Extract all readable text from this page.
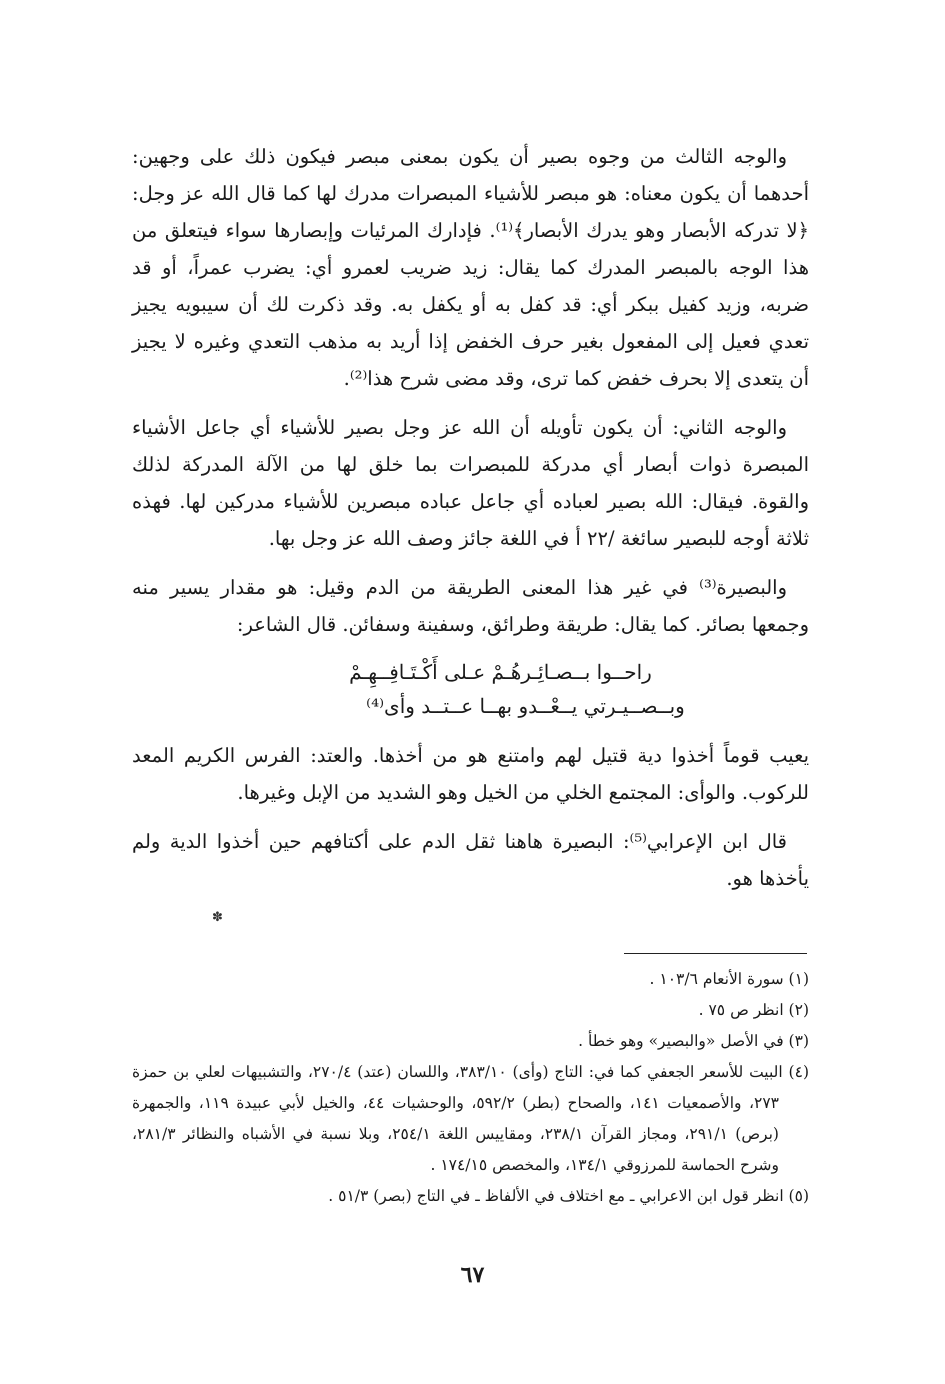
والوجه الثالث من وجوه بصير أن يكون بمعنى مبصر فيكون ذلك على وجهين: أحدهما أن يكون معناه: هو مبصر للأشياء المبصرات مدرك لها كما قال الله عز وجل: ﴿لا تدركه الأبصار وهو يدرك الأبصار﴾⁽¹⁾. فإدارك المرئيات وإبصارها سواء فيتعلق من هذا الوجه بالمبصر المدرك كما يقال: زيد ضريب لعمرو أي: يضرب عمراً، أو قد ضربه، وزيد كفيل ببكر أي: قد كفل به أو يكفل به. وقد ذكرت لك أن سيبويه يجيز تعدي فعيل إلى المفعول بغير حرف الخفض إذا أريد به مذهب التعدي وغيره لا يجيز أن يتعدى إلا بحرف خفض كما ترى، وقد مضى شرح هذا⁽²⁾.

والوجه الثاني: أن يكون تأويله أن الله عز وجل بصير للأشياء أي جاعل الأشياء المبصرة ذوات أبصار أي مدركة للمبصرات بما خلق لها من الآلة المدركة لذلك والقوة. فيقال: الله بصير لعباده أي جاعل عباده مبصرين للأشياء مدركين لها. فهذه ثلاثة أوجه للبصير سائغة /٢٢ أ في اللغة جائز وصف الله عز وجل بها.

والبصيرة⁽³⁾ في غير هذا المعنى الطريقة من الدم وقيل: هو مقدار يسير منه وجمعها بصائر. كما يقال: طريقة وطرائق، وسفينة وسفائن. قال الشاعر:

راحــوا بــصـائِـرهُـمْ عـلى أَكْـتَـافِــهِـمْ
وبــصــيـرتي يــعْــدو بهــا عــتــد وأى⁽⁴⁾

يعيب قوماً أخذوا دية قتيل لهم وامتنع هو من أخذها. والعتد: الفرس الكريم المعد للركوب. والوأى: المجتمع الخلي من الخيل وهو الشديد من الإبل وغيرها.

قال ابن الإعرابي⁽⁵⁾: البصيرة هاهنا ثقل الدم على أكتافهم حين أخذوا الدية ولم يأخذها هو.

✽

(١) سورة الأنعام ١٠٣/٦ .

(٢) انظر ص ٧٥ .

(٣) في الأصل «والبصير» وهو خطأ .

(٤) البيت للأسعر الجعفي كما في: التاج (وأى) ٣٨٣/١٠، واللسان (عتد) ٢٧٠/٤، والتشبيهات لعلي بن حمزة ٢٧٣، والأصمعيات ١٤١، والصحاح (بطر) ٥٩٢/٢، والوحشيات ٤٤، والخيل لأبي عبيدة ١١٩، والجمهرة (برص) ٢٩١/١، ومجاز القرآن ٢٣٨/١، ومقاييس اللغة ٢٥٤/١، وبلا نسبة في الأشباه والنظائر ٢٨١/٣، وشرح الحماسة للمرزوقي ١٣٤/١، والمخصص ١٧٤/١٥ .

(٥) انظر قول ابن الاعرابي ـ مع اختلاف في الألفاظ ـ في التاج (بصر) ٥١/٣ .

٦٧
